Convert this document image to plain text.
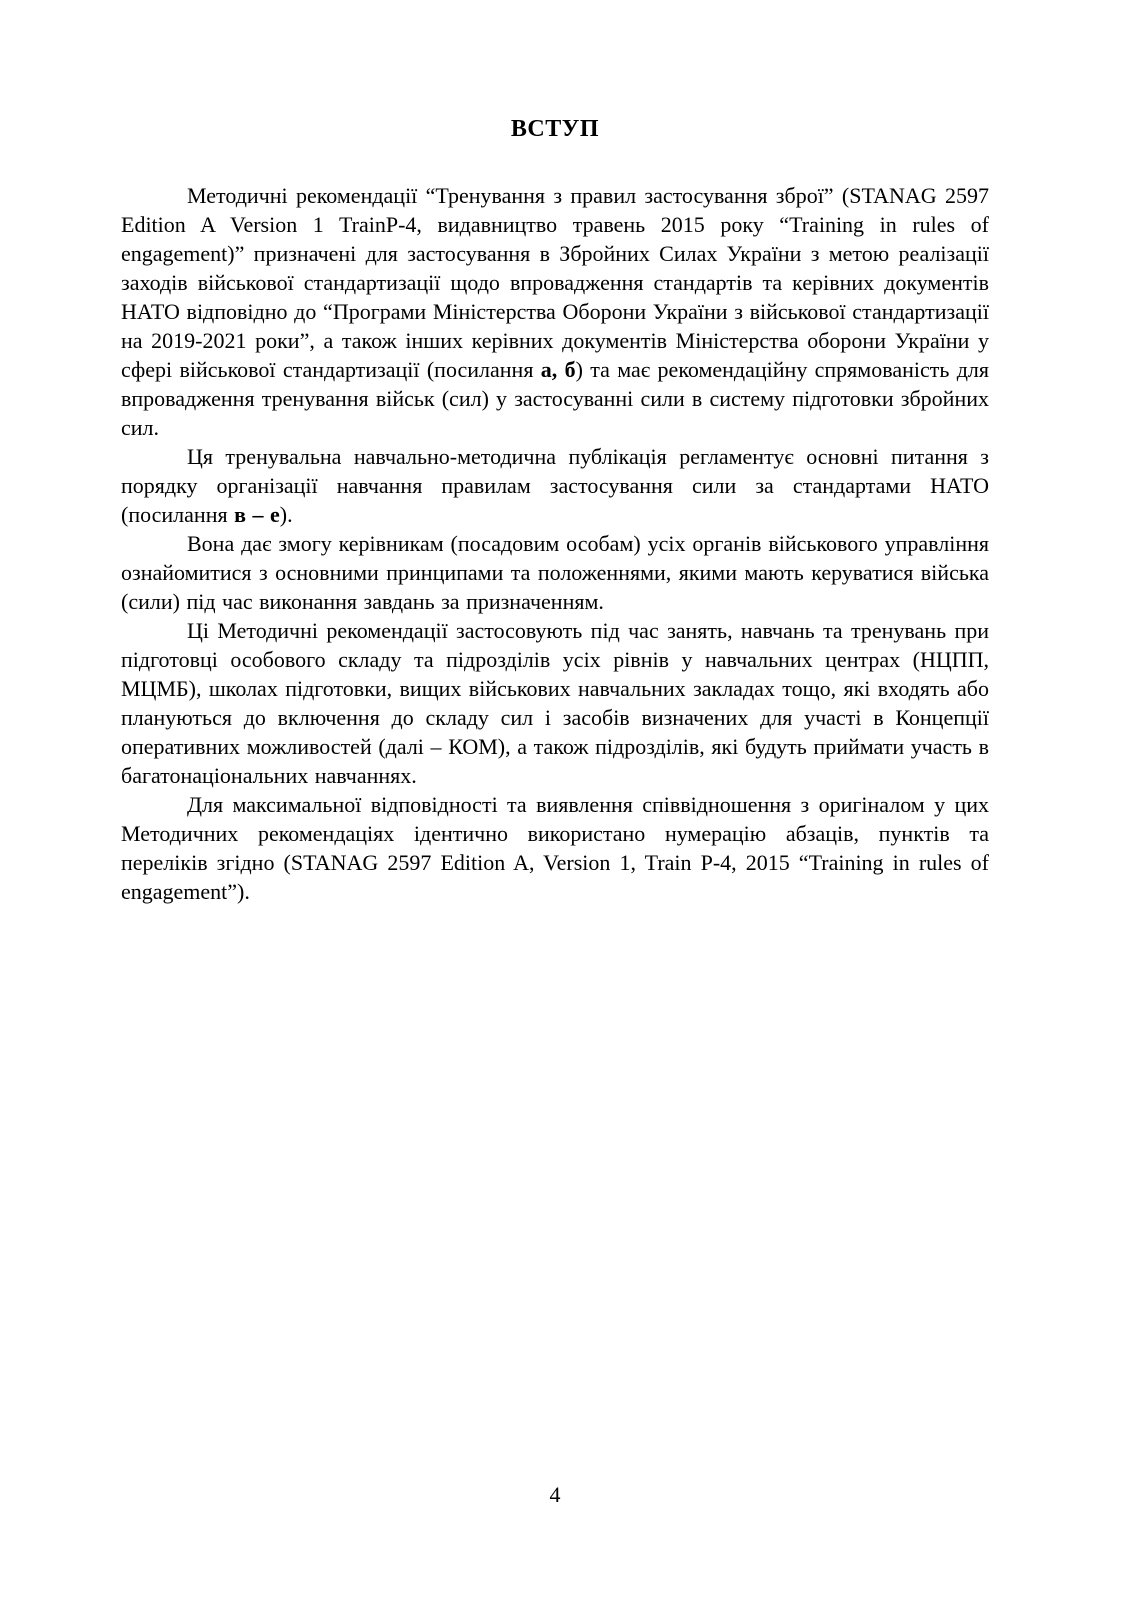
ВСТУП

Методичні рекомендації “Тренування з правил застосування зброї” (STANAG 2597 Edition A Version 1 TrainP-4, видавництво травень 2015 року “Training in rules of engagement)” призначені для застосування в Збройних Силах України з метою реалізації заходів військової стандартизації щодо впровадження стандартів та керівних документів НАТО відповідно до “Програми Міністерства Оборони України з військової стандартизації на 2019-2021 роки”, а також інших керівних документів Міністерства оборони України у сфері військової стандартизації (посилання а, б) та має рекомендаційну спрямованість для впровадження тренування військ (сил) у застосуванні сили в систему підготовки збройних сил.

Ця тренувальна навчально-методична публікація регламентує основні питання з порядку організації навчання правилам застосування сили за стандартами НАТО (посилання в – е).

Вона дає змогу керівникам (посадовим особам) усіх органів військового управління ознайомитися з основними принципами та положеннями, якими мають керуватися війська (сили) під час виконання завдань за призначенням.

Ці Методичні рекомендації застосовують під час занять, навчань та тренувань при підготовці особового складу та підрозділів усіх рівнів у навчальних центрах (НЦПП, МЦМБ), школах підготовки, вищих військових навчальних закладах тощо, які входять або плануються до включення до складу сил і засобів визначених для участі в Концепції оперативних можливостей (далі – КОМ), а також підрозділів, які будуть приймати участь в багатонаціональних навчаннях.

Для максимальної відповідності та виявлення співвідношення з оригіналом у цих Методичних рекомендаціях ідентично використано нумерацію абзаців, пунктів та переліків згідно (STANAG 2597 Edition A, Version 1, Train P-4, 2015 “Training in rules of engagement”).

4
